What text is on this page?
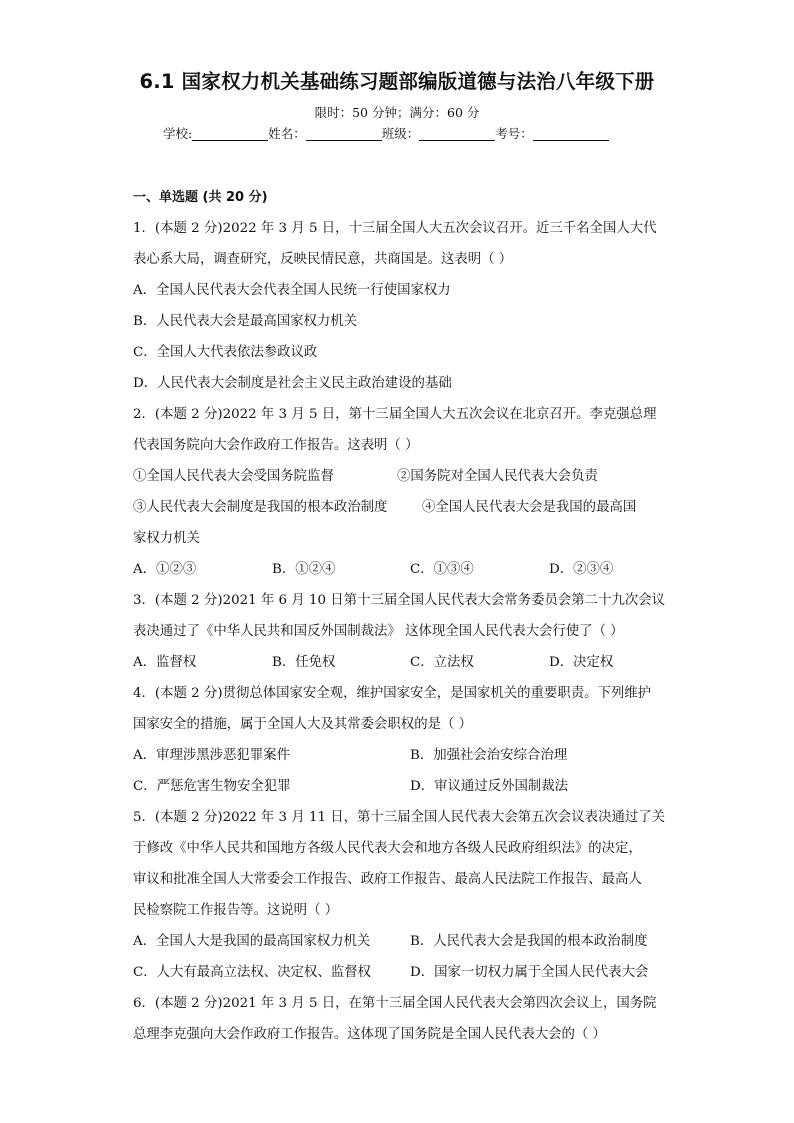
6.1 国家权力机关基础练习题部编版道德与法治八年级下册
限时：50 分钟；满分：60 分
学校:	姓名：	班级：	考号：
一、单选题 (共 20 分)
1．(本题 2 分)2022 年 3 月 5 日，十三届全国人大五次会议召开。近三千名全国人大代
表心系大局，调查研究，反映民情民意，共商国是。这表明（ ）
A．全国人民代表大会代表全国人民统一行使国家权力
B．人民代表大会是最高国家权力机关
C．全国人大代表依法参政议政
D．人民代表大会制度是社会主义民主政治建设的基础
2．(本题 2 分)2022 年 3 月 5 日，第十三届全国人大五次会议在北京召开。李克强总理
代表国务院向大会作政府工作报告。这表明（ ）
①全国人民代表大会受国务院监督	②国务院对全国人民代表大会负责
③人民代表大会制度是我国的根本政治制度	④全国人民代表大会是我国的最高国
家权力机关
A．①②③	B．①②④	C．①③④	D．②③④
3．(本题 2 分)2021 年 6 月 10 日第十三届全国人民代表大会常务委员会第二十九次会议
表决通过了《中华人民共和国反外国制裁法》 这体现全国人民代表大会行使了（ ）
A．监督权	B．任免权	C．立法权	D．决定权
4．(本题 2 分)贯彻总体国家安全观，维护国家安全，是国家机关的重要职责。下列维护
国家安全的措施，属于全国人大及其常委会职权的是（ ）
A．审理涉黑涉恶犯罪案件	B．加强社会治安综合治理
C．严惩危害生物安全犯罪	D．审议通过反外国制裁法
5．(本题 2 分)2022 年 3 月 11 日，第十三届全国人民代表大会第五次会议表决通过了关
于修改《中华人民共和国地方各级人民代表大会和地方各级人民政府组织法》的决定，
审议和批准全国人大常委会工作报告、政府工作报告、最高人民法院工作报告、最高人
民检察院工作报告等。这说明（ ）
A．全国人大是我国的最高国家权力机关	B．人民代表大会是我国的根本政治制度
C．人大有最高立法权、决定权、监督权	D．国家一切权力属于全国人民代表大会
6．(本题 2 分)2021 年 3 月 5 日，在第十三届全国人民代表大会第四次会议上，国务院
总理李克强向大会作政府工作报告。这体现了国务院是全国人民代表大会的（ ）
